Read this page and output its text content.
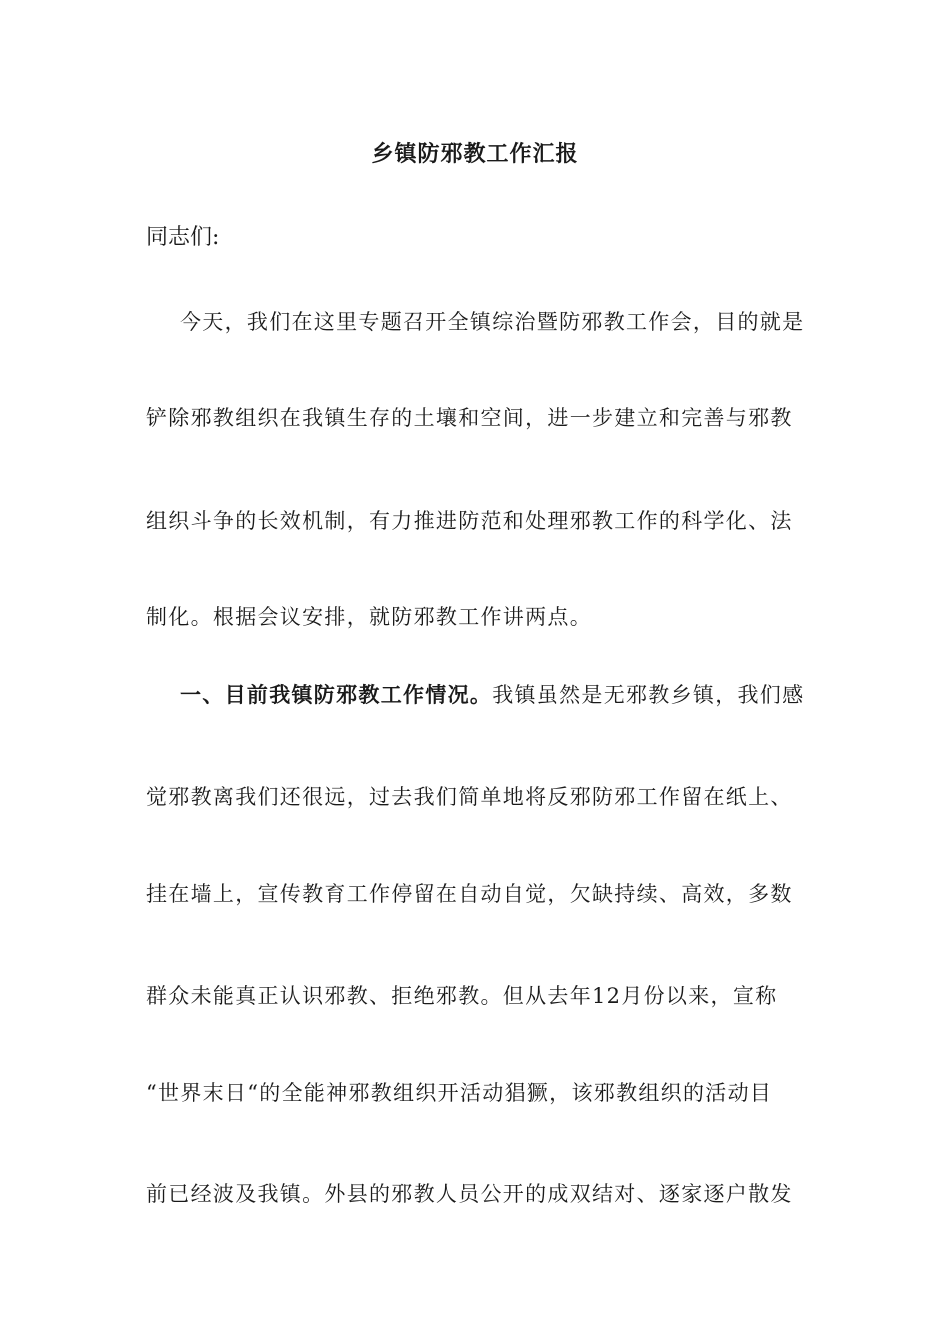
乡镇防邪教工作汇报
同志们:
今天，我们在这里专题召开全镇综治暨防邪教工作会，目的就是
铲除邪教组织在我镇生存的土壤和空间，进一步建立和完善与邪教
组织斗争的长效机制，有力推进防范和处理邪教工作的科学化、法
制化。根据会议安排，就防邪教工作讲两点。
一、目前我镇防邪教工作情况。我镇虽然是无邪教乡镇，我们感
觉邪教离我们还很远，过去我们简单地将反邪防邪工作留在纸上、
挂在墙上，宣传教育工作停留在自动自觉，欠缺持续、高效，多数
群众未能真正认识邪教、拒绝邪教。但从去年12月份以来，宣称
“世界末日“的全能神邪教组织开活动猖獗，该邪教组织的活动目
前已经波及我镇。外县的邪教人员公开的成双结对、逐家逐户散发
